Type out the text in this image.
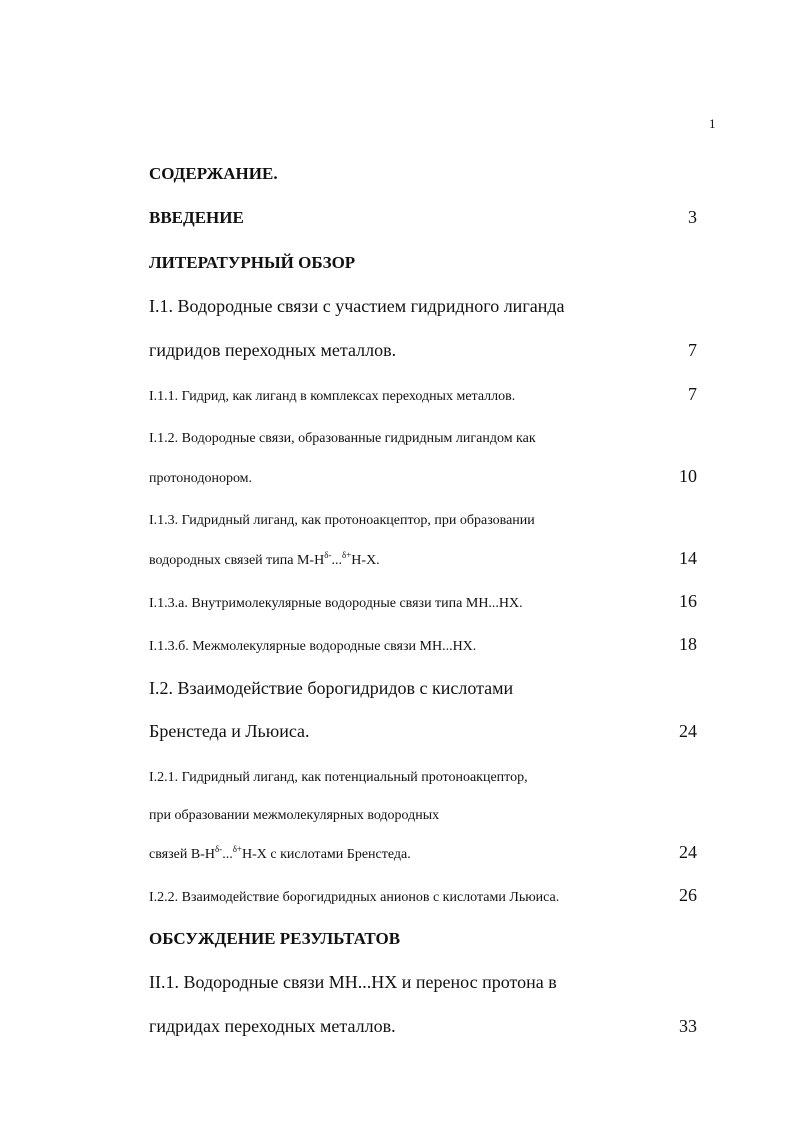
1
СОДЕРЖАНИЕ.
ВВЕДЕНИЕ	3
ЛИТЕРАТУРНЫЙ ОБЗОР
I.1. Водородные связи с участием гидридного лиганда
гидридов переходных металлов.	7
I.1.1. Гидрид, как лиганд в комплексах переходных металлов.	7
I.1.2. Водородные связи, образованные гидридным лигандом как
протонодонором.	10
I.1.3. Гидридный лиганд, как протоноакцептор, при образовании
водородных связей типа $M-H^{\delta-}...^{\delta+}H-X$.	14
I.1.3.а. Внутримолекулярные водородные связи типа MH...HX.	16
I.1.3.б. Межмолекулярные водородные связи MH...HX.	18
I.2. Взаимодействие борогидридов с кислотами
Бренстеда и Льюиса.	24
I.2.1. Гидридный лиганд, как потенциальный протоноакцептор,
при образовании межмолекулярных водородных
связей $B-H^{\delta-}...^{\delta+}H-X$ с кислотами Бренстеда.	24
I.2.2. Взаимодействие борогидридных анионов с кислотами Льюиса.	26
ОБСУЖДЕНИЕ РЕЗУЛЬТАТОВ
II.1. Водородные связи MH...HX и перенос протона в
гидридах переходных металлов.	33
